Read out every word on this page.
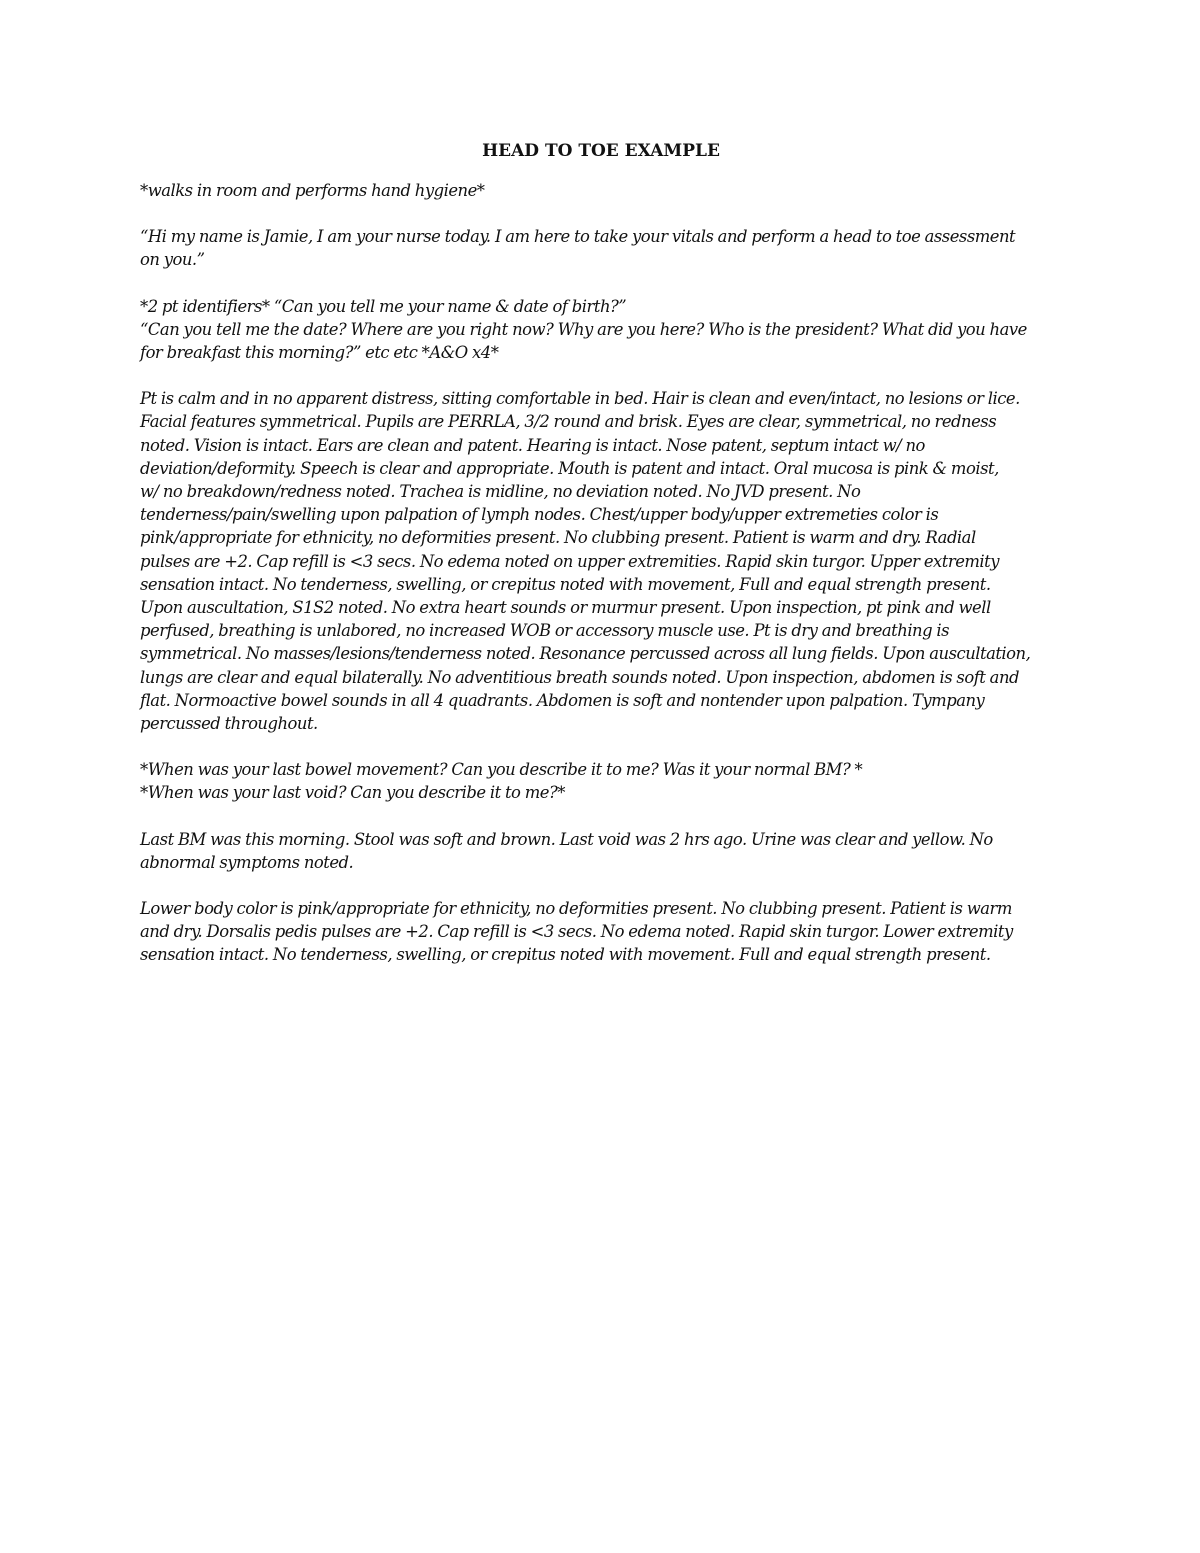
HEAD TO TOE EXAMPLE
*walks in room and performs hand hygiene*
“Hi my name is Jamie, I am your nurse today. I am here to take your vitals and perform a head to toe assessment
on you.”
*2 pt identifiers* “Can you tell me your name & date of birth?”
“Can you tell me the date? Where are you right now? Why are you here? Who is the president? What did you have
for breakfast this morning?” etc etc *A&O x4*
Pt is calm and in no apparent distress, sitting comfortable in bed. Hair is clean and even/intact, no lesions or lice.
Facial features symmetrical. Pupils are PERRLA, 3/2 round and brisk. Eyes are clear, symmetrical, no redness
noted. Vision is intact. Ears are clean and patent. Hearing is intact. Nose patent, septum intact w/ no
deviation/deformity. Speech is clear and appropriate. Mouth is patent and intact. Oral mucosa is pink & moist,
w/ no breakdown/redness noted. Trachea is midline, no deviation noted. No JVD present. No
tenderness/pain/swelling upon palpation of lymph nodes. Chest/upper body/upper extremeties color is
pink/appropriate for ethnicity, no deformities present. No clubbing present. Patient is warm and dry. Radial
pulses are +2. Cap refill is <3 secs. No edema noted on upper extremities. Rapid skin turgor. Upper extremity
sensation intact. No tenderness, swelling, or crepitus noted with movement, Full and equal strength present.
Upon auscultation, S1S2 noted. No extra heart sounds or murmur present. Upon inspection, pt pink and well
perfused, breathing is unlabored, no increased WOB or accessory muscle use. Pt is dry and breathing is
symmetrical. No masses/lesions/tenderness noted. Resonance percussed across all lung fields. Upon auscultation,
lungs are clear and equal bilaterally. No adventitious breath sounds noted. Upon inspection, abdomen is soft and
flat. Normoactive bowel sounds in all 4 quadrants. Abdomen is soft and nontender upon palpation. Tympany
percussed throughout.
*When was your last bowel movement? Can you describe it to me? Was it your normal BM? *
*When was your last void? Can you describe it to me?*
Last BM was this morning. Stool was soft and brown. Last void was 2 hrs ago. Urine was clear and yellow. No
abnormal symptoms noted.
Lower body color is pink/appropriate for ethnicity, no deformities present. No clubbing present. Patient is warm
and dry. Dorsalis pedis pulses are +2. Cap refill is <3 secs. No edema noted. Rapid skin turgor. Lower extremity
sensation intact. No tenderness, swelling, or crepitus noted with movement. Full and equal strength present.
